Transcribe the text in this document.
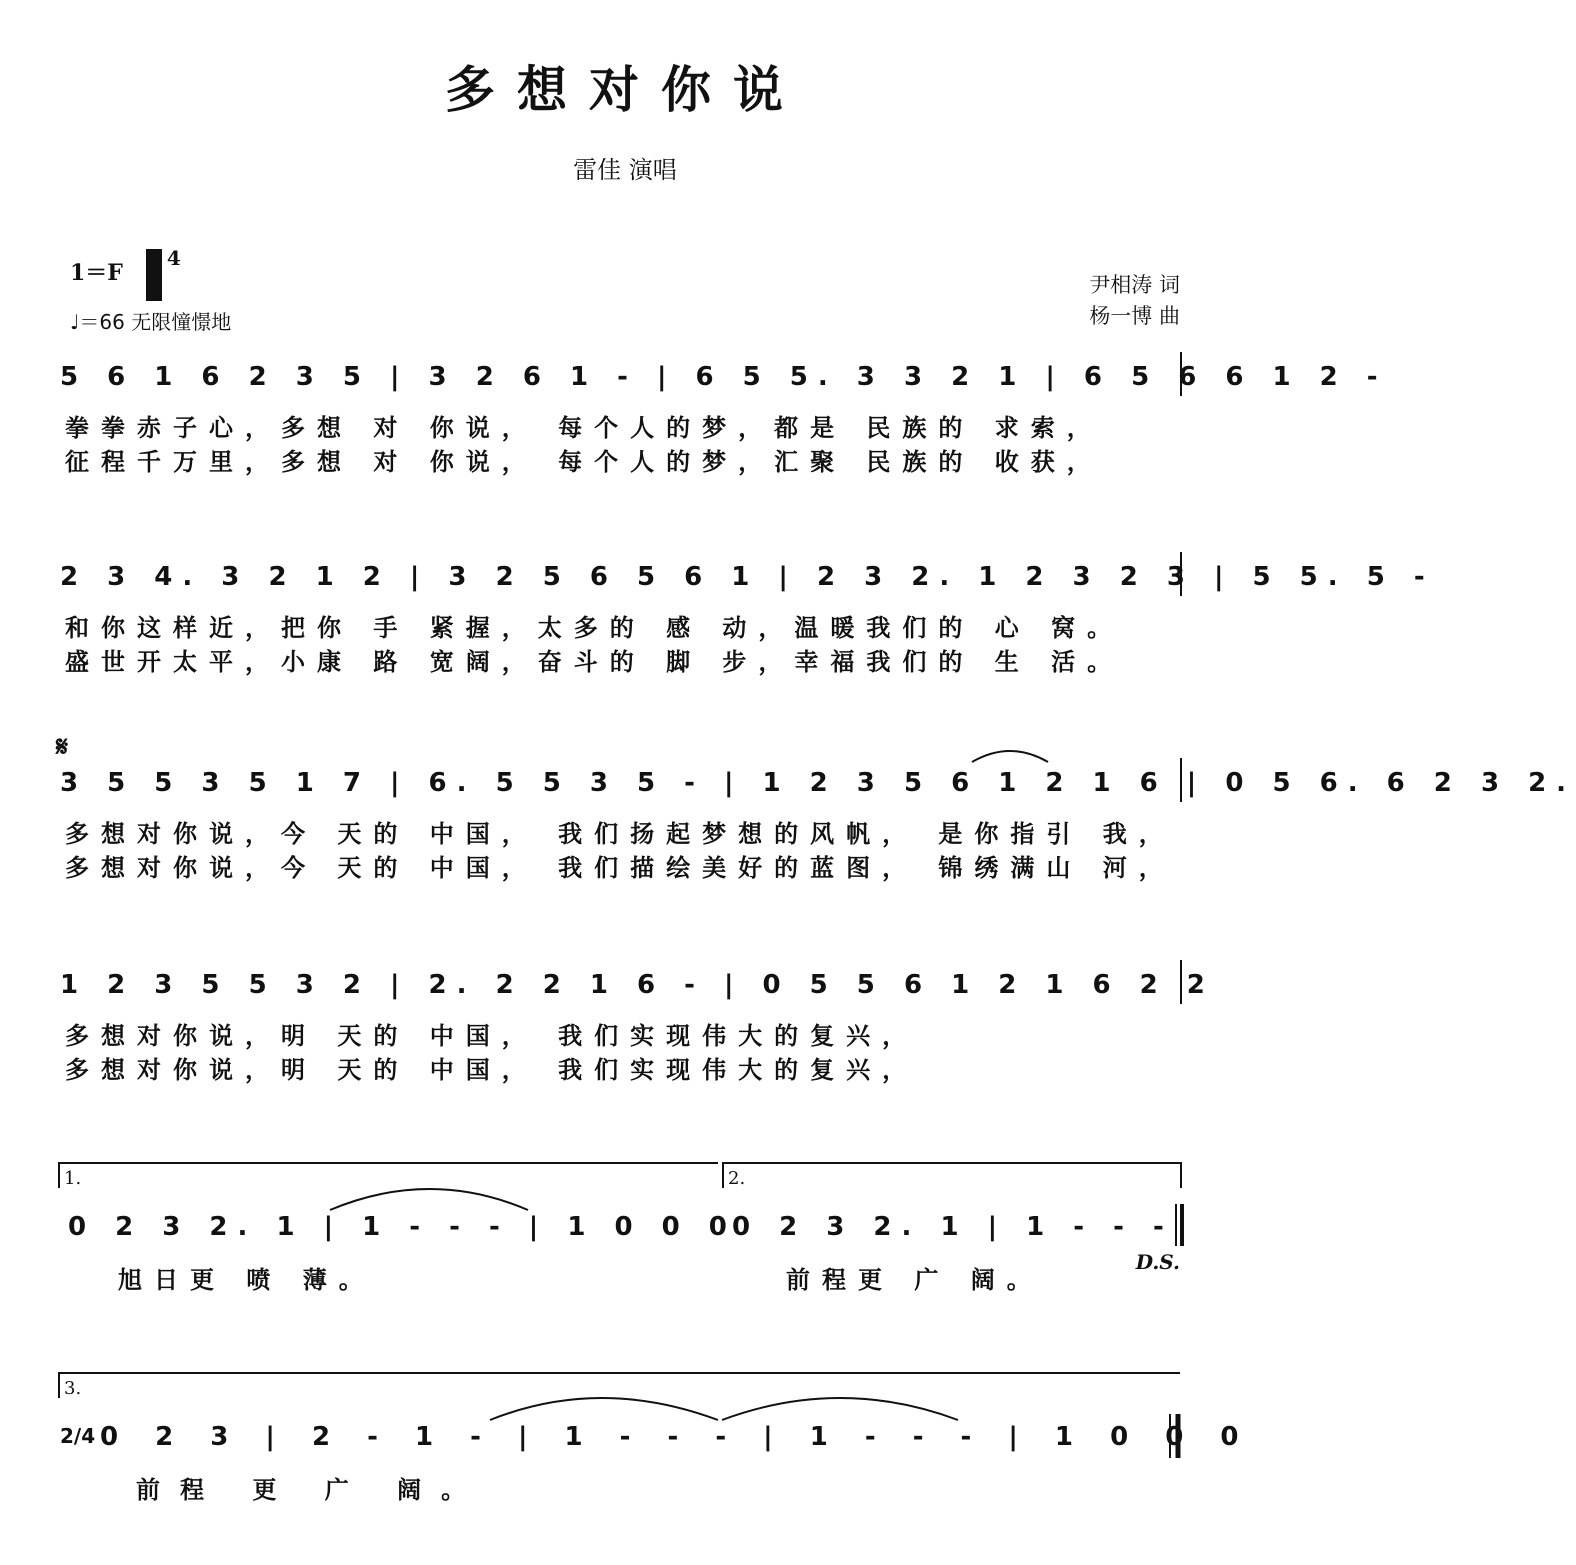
多想对你说
雷佳 演唱
1＝F
4
♩＝66 无限憧憬地
尹相涛 词
杨一博 曲
5 6 1 6 2 3 5 | 3 2 6 1 - | 6 5 5. 3 3 2 1 | 6 5 6 6 1 2 -
拳拳赤子心，多想 对 你说， 每个人的梦，都是 民族的 求索，
征程千万里，多想 对 你说， 每个人的梦，汇聚 民族的 收获，
2 3 4. 3 2 1 2 | 3 2 5 6 5 6 1 | 2 3 2. 1 2 3 2 3 | 5 5. 5 -
和你这样近，把你 手 紧握，太多的 感 动，温暖我们的 心 窝。
盛世开太平，小康 路 宽阔，奋斗的 脚 步，幸福我们的 生 活。
𝄋
3 5 5 3 5 1 7 | 6. 5 5 3 5 - | 1 2 3 5 6 1 2 1 6 | 0 5 6. 6 2 3 2.
多想对你说，今 天的 中国， 我们扬起梦想的风帆， 是你指引 我，
多想对你说，今 天的 中国， 我们描绘美好的蓝图， 锦绣满山 河，
1 2 3 5 5 3 2 | 2. 2 2 1 6 - | 0 5 5 6 1 2 1 6 2 2
多想对你说，明 天的 中国， 我们实现伟大的复兴，
多想对你说，明 天的 中国， 我们实现伟大的复兴，
1.	2.
0 2 3 2. 1 | 1 - - - | 1 0 0 0
0 2 3 2. 1 | 1 - - -
旭日更 喷 薄。	前程更 广 阔。
D.S.
3.
2/4 0 2 3 | 2 - 1 - | 1 - - - | 1 - - - | 1 0 0 0
前程 更 广 阔。
